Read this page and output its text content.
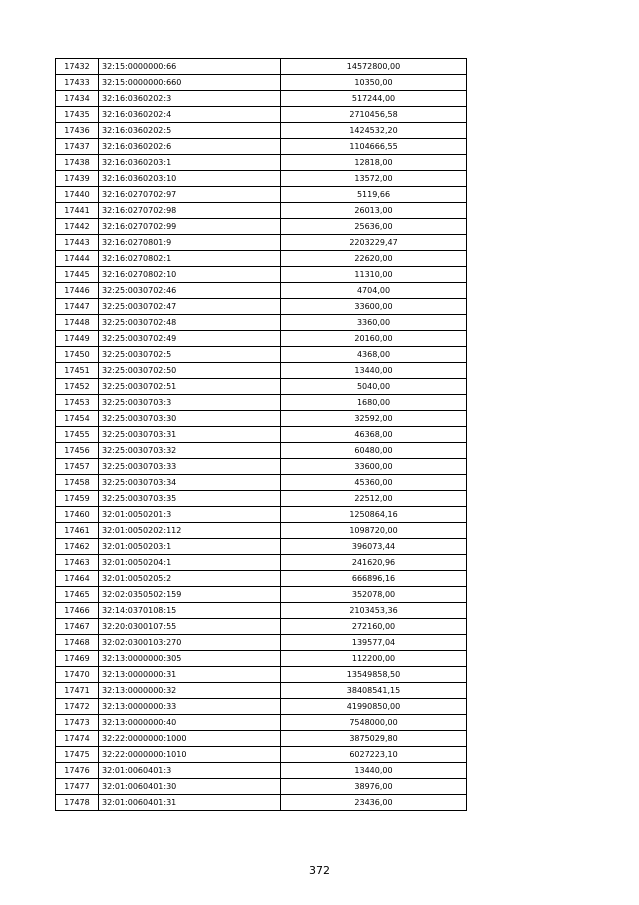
17432	32:15:0000000:66	14572800,00
17433	32:15:0000000:660	10350,00
17434	32:16:0360202:3	517244,00
17435	32:16:0360202:4	2710456,58
17436	32:16:0360202:5	1424532,20
17437	32:16:0360202:6	1104666,55
17438	32:16:0360203:1	12818,00
17439	32:16:0360203:10	13572,00
17440	32:16:0270702:97	5119,66
17441	32:16:0270702:98	26013,00
17442	32:16:0270702:99	25636,00
17443	32:16:0270801:9	2203229,47
17444	32:16:0270802:1	22620,00
17445	32:16:0270802:10	11310,00
17446	32:25:0030702:46	4704,00
17447	32:25:0030702:47	33600,00
17448	32:25:0030702:48	3360,00
17449	32:25:0030702:49	20160,00
17450	32:25:0030702:5	4368,00
17451	32:25:0030702:50	13440,00
17452	32:25:0030702:51	5040,00
17453	32:25:0030703:3	1680,00
17454	32:25:0030703:30	32592,00
17455	32:25:0030703:31	46368,00
17456	32:25:0030703:32	60480,00
17457	32:25:0030703:33	33600,00
17458	32:25:0030703:34	45360,00
17459	32:25:0030703:35	22512,00
17460	32:01:0050201:3	1250864,16
17461	32:01:0050202:112	1098720,00
17462	32:01:0050203:1	396073,44
17463	32:01:0050204:1	241620,96
17464	32:01:0050205:2	666896,16
17465	32:02:0350502:159	352078,00
17466	32:14:0370108:15	2103453,36
17467	32:20:0300107:55	272160,00
17468	32:02:0300103:270	139577,04
17469	32:13:0000000:305	112200,00
17470	32:13:0000000:31	13549858,50
17471	32:13:0000000:32	38408541,15
17472	32:13:0000000:33	41990850,00
17473	32:13:0000000:40	7548000,00
17474	32:22:0000000:1000	3875029,80
17475	32:22:0000000:1010	6027223,10
17476	32:01:0060401:3	13440,00
17477	32:01:0060401:30	38976,00
17478	32:01:0060401:31	23436,00
372
